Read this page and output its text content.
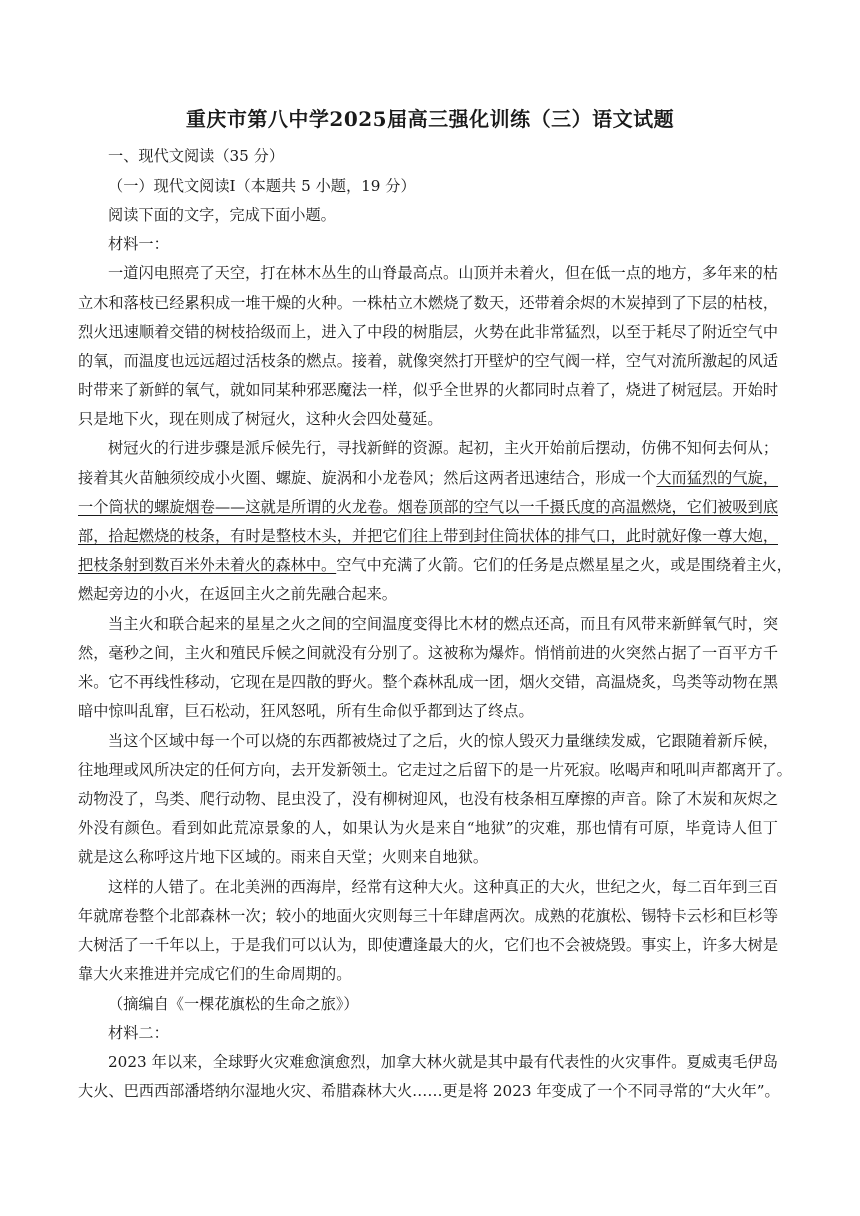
重庆市第八中学2025届高三强化训练（三）语文试题
一、现代文阅读（35 分）
（一）现代文阅读Ⅰ（本题共 5 小题，19 分）
阅读下面的文字，完成下面小题。
材料一：
一道闪电照亮了天空，打在林木丛生的山脊最高点。山顶并未着火，但在低一点的地方，多年来的枯
立木和落枝已经累积成一堆干燥的火种。一株枯立木燃烧了数天，还带着余烬的木炭掉到了下层的枯枝，
烈火迅速顺着交错的树枝拾级而上，进入了中段的树脂层，火势在此非常猛烈，以至于耗尽了附近空气中
的氧，而温度也远远超过活枝条的燃点。接着，就像突然打开壁炉的空气阀一样，空气对流所激起的风适
时带来了新鲜的氧气，就如同某种邪恶魔法一样，似乎全世界的火都同时点着了，烧进了树冠层。开始时
只是地下火，现在则成了树冠火，这种火会四处蔓延。
树冠火的行进步骤是派斥候先行，寻找新鲜的资源。起初，主火开始前后摆动，仿佛不知何去何从；
接着其火苗触须绞成小火圈、螺旋、旋涡和小龙卷风；然后这两者迅速结合，形成一个大而猛烈的气旋，
一个筒状的螺旋烟卷——这就是所谓的火龙卷。烟卷顶部的空气以一千摄氏度的高温燃烧，它们被吸到底
部，拾起燃烧的枝条，有时是整枝木头，并把它们往上带到封住筒状体的排气口，此时就好像一尊大炮，
把枝条射到数百米外未着火的森林中。空气中充满了火箭。它们的任务是点燃星星之火，或是围绕着主火，
燃起旁边的小火，在返回主火之前先融合起来。
当主火和联合起来的星星之火之间的空间温度变得比木材的燃点还高，而且有风带来新鲜氧气时，突
然，毫秒之间，主火和殖民斥候之间就没有分别了。这被称为爆炸。悄悄前进的火突然占据了一百平方千
米。它不再线性移动，它现在是四散的野火。整个森林乱成一团，烟火交错，高温烧炙，鸟类等动物在黑
暗中惊叫乱窜，巨石松动，狂风怒吼，所有生命似乎都到达了终点。
当这个区域中每一个可以烧的东西都被烧过了之后，火的惊人毁灭力量继续发威，它跟随着新斥候，
往地理或风所决定的任何方向，去开发新领土。它走过之后留下的是一片死寂。吆喝声和吼叫声都离开了。
动物没了，鸟类、爬行动物、昆虫没了，没有柳树迎风，也没有枝条相互摩擦的声音。除了木炭和灰烬之
外没有颜色。看到如此荒凉景象的人，如果认为火是来自“地狱”的灾难，那也情有可原，毕竟诗人但丁
就是这么称呼这片地下区域的。雨来自天堂；火则来自地狱。
这样的人错了。在北美洲的西海岸，经常有这种大火。这种真正的大火，世纪之火，每二百年到三百
年就席卷整个北部森林一次；较小的地面火灾则每三十年肆虐两次。成熟的花旗松、锡特卡云杉和巨杉等
大树活了一千年以上，于是我们可以认为，即使遭逢最大的火，它们也不会被烧毁。事实上，许多大树是
靠大火来推进并完成它们的生命周期的。
（摘编自《一棵花旗松的生命之旅》）
材料二：
2023 年以来，全球野火灾难愈演愈烈，加拿大林火就是其中最有代表性的火灾事件。夏威夷毛伊岛
大火、巴西西部潘塔纳尔湿地火灾、希腊森林大火……更是将 2023 年变成了一个不同寻常的“大火年”。
